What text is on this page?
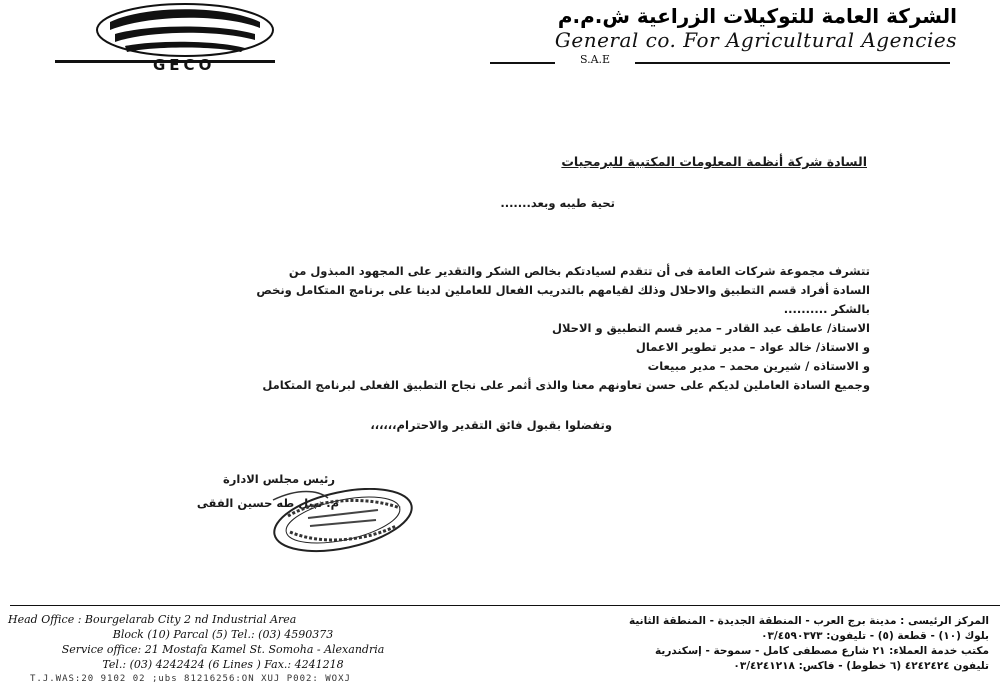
GECO
الشركة العامة للتوكيلات الزراعية ش.م.م
General co. For Agricultural Agencies
S.A.E
السادة شركة أنظمة المعلومات المكتبية للبرمجيات
تحية طيبه وبعد.......

تتشرف مجموعة شركات العامة فى أن تتقدم لسيادتكم بخالص الشكر والتقدير على المجهود المبذول من

السادة أفراد قسم التطبيق والاحلال وذلك لقيامهم بالتدريب الفعال للعاملين لدينا على برنامج المتكامل ونخص

بالشكر ..........

الاستاذ/ عاطف عبد القادر – مدير قسم التطبيق و الاحلال

و الاستاذ/ خالد عواد – مدير تطوير الاعمال

و الاستاذه / شيرين محمد – مدير مبيعات

وجميع السادة العاملين لديكم على حسن تعاونهم معنا والذى أثمر على نجاح التطبيق الفعلى لبرنامج المتكامل

وتفضلوا بقبول فائق التقدير والاحترام،،،،،،
رئيس مجلس الادارة
م. نبيل طه حسين الفقى
Head Office : Bourgelarab City 2 nd Industrial Area
Block (10) Parcal (5) Tel.: (03) 4590373
Service office: 21 Mostafa Kamel St. Somoha - Alexandria
Tel.: (03) 4242424 (6 Lines ) Fax.: 4241218
المركز الرئيسى : مدينة برج العرب - المنطقة الجديدة - المنطقة الثانية
بلوك (١٠) - قطعة (٥) - تليفون: ٠٣/٤٥٩٠٣٧٣
مكتب خدمة العملاء: ٢١ شارع مصطفى كامل - سموحة - إسكندرية
تليفون ٤٢٤٢٤٢٤ (٦ خطوط) - فاكس: ٠٣/٤٢٤١٢١٨
T.J.WAS:20 9102 02 ;ubs 81216256:ON XUJ P002: WOXJ
